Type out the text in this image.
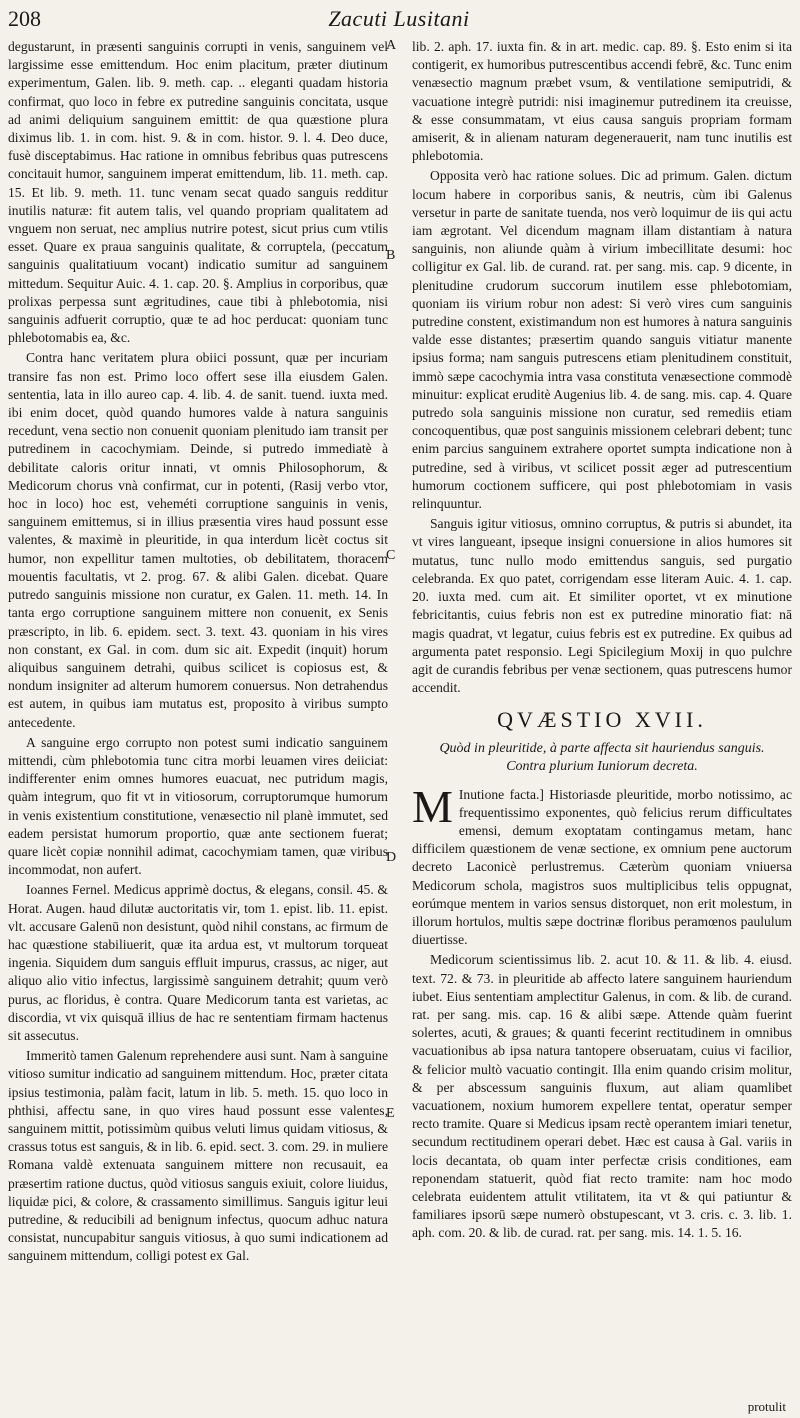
208	Zacuti Lusitani
A
B
C
D
E

degustarunt, in præsenti sanguinis corrupti in venis, sanguinem vel largissime esse emittendum. Hoc enim placitum, præter diutinum experimentum, Galen. lib. 9. meth. cap. .. eleganti quadam historia confirmat, quo loco in febre ex putredine sanguinis concitata, usque ad animi deliquium sanguinem emittit: de qua quæstione plura diximus lib. 1. in com. hist. 9. & in com. histor. 9. l. 4. Deo duce, fusè disceptabimus. Hac ratione in omnibus febribus quas putrescens concitauit humor, sanguinem imperat emittendum, lib. 11. meth. cap. 15. Et lib. 9. meth. 11. tunc venam secat quado sanguis redditur inutilis naturæ: fit autem talis, vel quando propriam qualitatem ad vnguem non seruat, nec amplius nutrire potest, sicut prius cum vtilis esset. Quare ex praua sanguinis qualitate, & corruptela, (peccatum sanguinis qualitatiuum vocant) indicatio sumitur ad sanguinem mittedum. Sequitur Auic. 4. 1. cap. 20. §. Amplius in corporibus, quæ prolixas perpessa sunt ægritudines, caue tibi à phlebotomia, nisi sanguinis adfuerit corruptio, quæ te ad hoc perducat: quoniam tunc phlebotomabis ea, &c.

Contra hanc veritatem plura obiici possunt, quæ per incuriam transire fas non est. Primo loco offert sese illa eiusdem Galen. sententia, lata in illo aureo cap. 4. lib. 4. de sanit. tuend. iuxta med. ibi enim docet, quòd quando humores valde à natura sanguinis recedunt, vena sectio non conuenit quoniam plenitudo iam transit per putredinem in cacochymiam. Deinde, si putredo immediatè à debilitate caloris oritur innati, vt omnis Philosophorum, & Medicorum chorus vnà confirmat, cur in potenti, (Rasij verbo vtor, hoc in loco) hoc est, veheméti corruptione sanguinis in venis, sanguinem emittemus, si in illius præsentia vires haud possunt esse valentes, & maximè in pleuritide, in qua interdum licèt coctus sit humor, non expellitur tamen multoties, ob debilitatem, thoracem mouentis facultatis, vt 2. prog. 67. & alibi Galen. dicebat. Quare putredo sanguinis missione non curatur, ex Galen. 11. meth. 14. In tanta ergo corruptione sanguinem mittere non conuenit, ex Senis præscripto, in lib. 6. epidem. sect. 3. text. 43. quoniam in his vires non constant, ex Gal. in com. dum sic ait. Expedit (inquit) horum aliquibus sanguinem detrahi, quibus scilicet is copiosus est, & nondum insigniter ad alterum humorem conuersus. Non detrahendus est autem, in quibus iam mutatus est, proposito à viribus sumpto antecedente.

A sanguine ergo corrupto non potest sumi indicatio sanguinem mittendi, cùm phlebotomia tunc citra morbi leuamen vires deiiciat: indifferenter enim omnes humores euacuat, nec putridum magis, quàm integrum, quo fit vt in vitiosorum, corruptorumque humorum in venis existentium constitutione, venæsectio nil planè immutet, sed eadem persistat humorum proportio, quæ ante sectionem fuerat; quare licèt copiæ nonnihil adimat, cacochymiam tamen, quæ viribus incommodat, non aufert.

Ioannes Fernel. Medicus apprimè doctus, & elegans, consil. 45. & Horat. Augen. haud dilutæ auctoritatis vir, tom 1. epist. lib. 11. epist. vlt. accusare Galenū non desistunt, quòd nihil constans, ac firmum de hac quæstione stabiliuerit, quæ ita ardua est, vt multorum torqueat ingenia. Siquidem dum sanguis effluit impurus, crassus, ac niger, aut aliquo alio vitio infectus, largissimè sanguinem detrahit; quum verò purus, ac floridus, è contra. Quare Medicorum tanta est varietas, ac discordia, vt vix quisquā illius de hac re sententiam firmam hactenus sit assecutus.

Immeritò tamen Galenum reprehendere ausi sunt. Nam à sanguine vitioso sumitur indicatio ad sanguinem mittendum. Hoc, præter citata ipsius testimonia, palàm facit, latum in lib. 5. meth. 15. quo loco in phthisi, affectu sane, in quo vires haud possunt esse valentes, sanguinem mittit, potissimùm quibus veluti limus quidam vitiosus, & crassus totus est sanguis, & in lib. 6. epid. sect. 3. com. 29. in muliere Romana valdè extenuata sanguinem mittere non recusauit, ea præsertim ratione ductus, quòd vitiosus sanguis exiuit, colore liuidus, liquidæ pici, & colore, & crassamento simillimus. Sanguis igitur leui putredine, & reducibili ad benignum infectus, quocum adhuc natura consistat, nuncupabitur sanguis vitiosus, à quo sumi indicationem ad sanguinem mittendum, colligi potest ex Gal.

lib. 2. aph. 17. iuxta fin. & in art. medic. cap. 89. §. Esto enim si ita contigerit, ex humoribus putrescentibus accendi febrē, &c. Tunc enim venæsectio magnum præbet vsum, & ventilatione semiputridi, & vacuatione integrè putridi: nisi imaginemur putredinem ita creuisse, & esse consummatam, vt eius causa sanguis propriam formam amiserit, & in alienam naturam degenerauerit, nam tunc inutilis est phlebotomia.

Opposita verò hac ratione solues. Dic ad primum. Galen. dictum locum habere in corporibus sanis, & neutris, cùm ibi Galenus versetur in parte de sanitate tuenda, nos verò loquimur de iis qui actu iam ægrotant. Vel dicendum magnam illam distantiam à natura sanguinis, non aliunde quàm à virium imbecillitate desumi: hoc colligitur ex Gal. lib. de curand. rat. per sang. mis. cap. 9 dicente, in plenitudine crudorum succorum inutilem esse phlebotomiam, quoniam iis virium robur non adest: Si verò vires cum sanguinis putredine constent, existimandum non est humores à natura sanguinis valde esse distantes; præsertim quando sanguis vitiatur manente ipsius forma; nam sanguis putrescens etiam plenitudinem constituit, immò sæpe cacochymia intra vasa constituta venæsectione commodè minuitur: explicat eruditè Augenius lib. 4. de sang. mis. cap. 4. Quare putredo sola sanguinis missione non curatur, sed remediis etiam concoquentibus, quæ post sanguinis missionem celebrari debent; tunc enim parcius sanguinem extrahere oportet sumpta indicatione non à putredine, sed à viribus, vt scilicet possit æger ad putrescentium humorum coctionem sufficere, qui post phlebotomiam in vasis relinquuntur.

Sanguis igitur vitiosus, omnino corruptus, & putris si abundet, ita vt vires langueant, ipseque insigni conuersione in alios humores sit mutatus, tunc nullo modo emittendus sanguis, sed purgatio celebranda. Ex quo patet, corrigendam esse literam Auic. 4. 1. cap. 20. iuxta med. cum ait. Et similiter oportet, vt ex minutione febricitantis, cuius febris non est ex putredine minoratio fiat: nā magis quadrat, vt legatur, cuius febris est ex putredine. Ex quibus ad argumenta patet responsio. Legi Spicilegium Moxij in quo pulchre agit de curandis febribus per venæ sectionem, quas putrescens humor accendit.

QVÆSTIO XVII.
Quòd in pleuritide, à parte affecta sit hauriendus sanguis. Contra plurium Iuniorum decreta.

M Inutione facta.] Historiasde pleuritide, morbo notissimo, ac frequentissimo exponentes, quò felicius rerum difficultates emensi, demum exoptatam contingamus metam, hanc difficilem quæstionem de venæ sectione, ex omnium pene auctorum decreto Laconicè perlustremus. Cæterùm quoniam vniuersa Medicorum schola, magistros suos multiplicibus telis oppugnat, eorúmque mentem in varios sensus distorquet, non erit molestum, in illorum hortulos, multis sæpe doctrinæ floribus peramœnos paululum diuertisse.

Medicorum scientissimus lib. 2. acut 10. & 11. & lib. 4. eiusd. text. 72. & 73. in pleuritide ab affecto latere sanguinem hauriendum iubet. Eius sententiam amplectitur Galenus, in com. & lib. de curand. rat. per sang. mis. cap. 16 & alibi sæpe. Attende quàm fuerint solertes, acuti, & graues; & quanti fecerint rectitudinem in omnibus vacuationibus ab ipsa natura tantopere obseruatam, cuius vi facilior, & felicior multò vacuatio contingit. Illa enim quando crisim molitur, & per abscessum sanguinis fluxum, aut aliam quamlibet vacuationem, noxium humorem expellere tentat, operatur semper recto tramite. Quare si Medicus ipsam rectè operantem imiari tenetur, secundum rectitudinem operari debet. Hæc est causa à Gal. variis in locis decantata, ob quam inter perfectæ crisis conditiones, eam reponendam statuerit, quòd fiat recto tramite: nam hoc modo celebrata euidentem attulit vtilitatem, ita vt & qui patiuntur & familiares ipsorū sæpe numerò obstupescant, vt 3. cris. c. 3. lib. 1. aph. com. 20. & lib. de curad. rat. per sang. mis. 14. 1. 5. 16.

protulit
